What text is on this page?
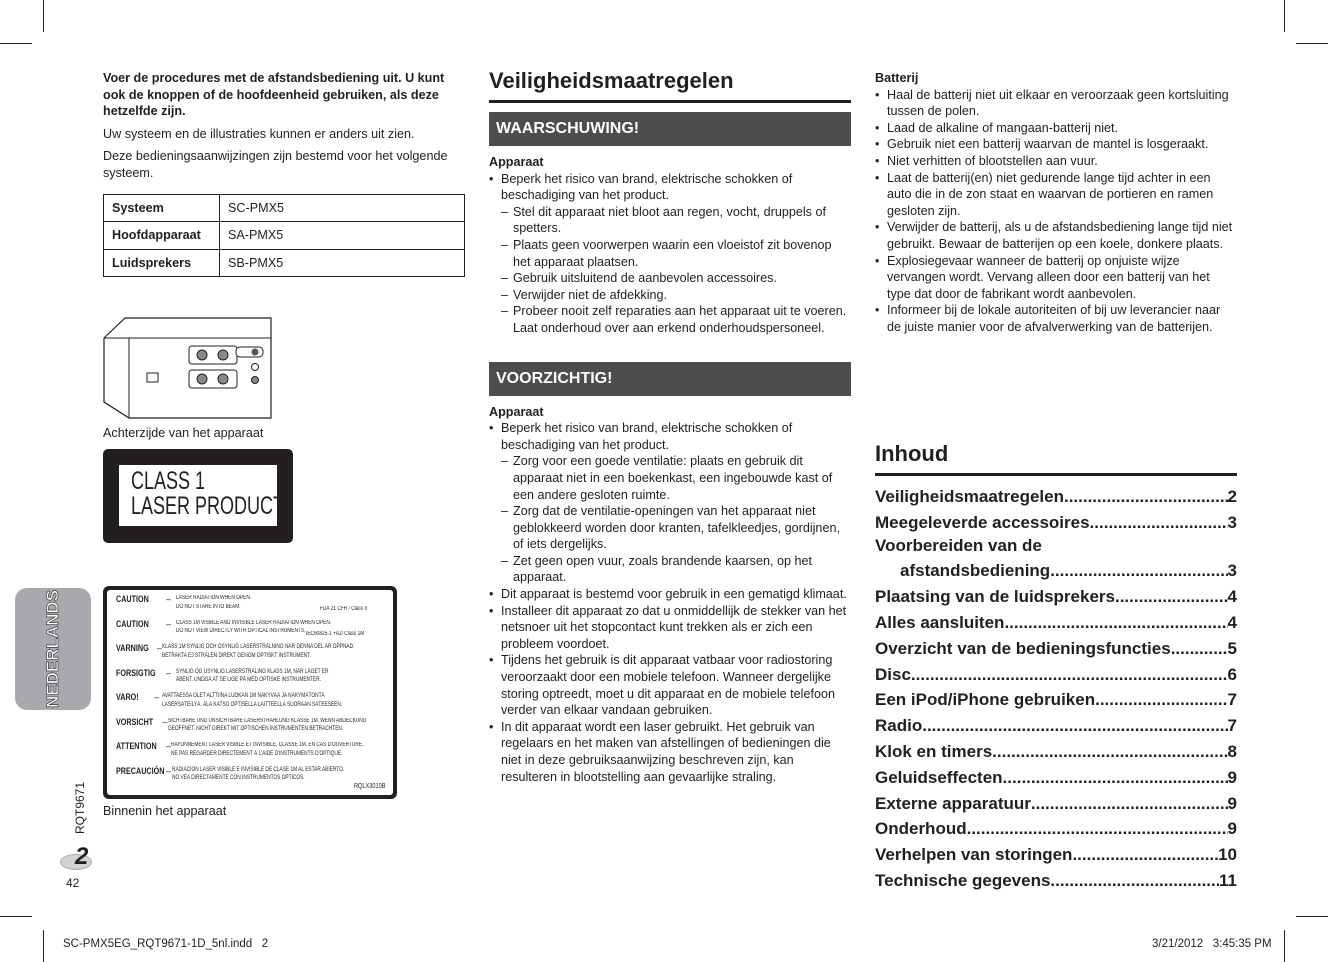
Voer de procedures met de afstandsbediening uit. U kunt ook de knoppen of de hoofdeenheid gebruiken, als deze hetzelfde zijn.

Uw systeem en de illustraties kunnen er anders uit zien.

Deze bedieningsaanwijzingen zijn bestemd voor het volgende systeem.

Systeem	SC-PMX5
Hoofdapparaat	SA-PMX5
Luidsprekers	SB-PMX5
Achterzijde van het apparaat
CLASS 1
LASER PRODUCT
CAUTION	– LASER RADIATION WHEN OPEN.
DO NOT STARE INTO BEAM.	FDA 21 CFR / Class II
CAUTION	– CLASS 1M VISIBLE AND INVISIBLE LASER RADIATION WHEN OPEN.
DO NOT VIEW DIRECTLY WITH OPTICAL INSTRUMENTS. IEC60825-1 +A2/ Class 1M
VARNING – KLASS 1M SYNLIG OCH OSYNLIG LASERSTRÅLNING NÄR DENNA DEL ÄR ÖPPNAD.
BETRAKTA EJ STRÅLEN DIREKT GENOM OPTISKT INSTRUMENT.
FORSIGTIG – SYNLIG OG USYNLIG LASERSTRÅLING KLASS 1M, NÅR LÅGET ER
ÅBENT. UNDGÅ AT SE LIGE PÅ MED OPTISKE INSTRUMENTER.
VARO!	– AVATTAESSA OLET ALTTIINA LUOKAN 1M NÄKYVÄÄ JA NÄKYMÄTÖNTÄ
LASERSÄTEILYÄ. ÄLÄ KATSO OPTISELLA LAITTEELLA SUORAAN SÄTEESEEN.
VORSICHT – SICHTBARE UND UNSICHTBARE LASERSTRAHLUNG KLASSE 1M, WENN ABDECKUNG
GEÖFFNET. NICHT DIREKT MIT OPTISCHEN INSTRUMENTEN BETRACHTEN.
ATTENTION – RAYONNEMENT LASER VISIBLE ET INVISIBLE, CLASSE 1M, EN CAS D'OUVERTURE.
NE PAS REGARDER DIRECTEMENT À L'AIDE D'INSTRUMENTS D'OPTIQUE.
PRECAUCIÓN – RADIACIÓN LASER VISIBLE E INVISIBLE DE CLASE 1M AL ESTAR ABIERTO.
NO VEA DIRECTAMENTE CON INSTRUMENTOS ÓPTICOS.
RQLX3010B
Binnenin het apparaat
NEDERLANDS
RQT9671
2
42
Veiligheidsmaatregelen
WAARSCHUWING!
Apparaat
• Beperk het risico van brand, elektrische schokken of beschadiging van het product.
– Stel dit apparaat niet bloot aan regen, vocht, druppels of spetters.
– Plaats geen voorwerpen waarin een vloeistof zit bovenop het apparaat plaatsen.
– Gebruik uitsluitend de aanbevolen accessoires.
– Verwijder niet de afdekking.
– Probeer nooit zelf reparaties aan het apparaat uit te voeren. Laat onderhoud over aan erkend onderhoudspersoneel.
VOORZICHTIG!
Apparaat
• Beperk het risico van brand, elektrische schokken of beschadiging van het product.
– Zorg voor een goede ventilatie: plaats en gebruik dit apparaat niet in een boekenkast, een ingebouwde kast of een andere gesloten ruimte.
– Zorg dat de ventilatie-openingen van het apparaat niet geblokkeerd worden door kranten, tafelkleedjes, gordijnen, of iets dergelijks.
– Zet geen open vuur, zoals brandende kaarsen, op het apparaat.
• Dit apparaat is bestemd voor gebruik in een gematigd klimaat.
• Installeer dit apparaat zo dat u onmiddellijk de stekker van het netsnoer uit het stopcontact kunt trekken als er zich een probleem voordoet.
• Tijdens het gebruik is dit apparaat vatbaar voor radiostoring veroorzaakt door een mobiele telefoon. Wanneer dergelijke storing optreedt, moet u dit apparaat en de mobiele telefoon verder van elkaar vandaan gebruiken.
• In dit apparaat wordt een laser gebruikt. Het gebruik van regelaars en het maken van afstellingen of bedieningen die niet in deze gebruiksaanwijzing beschreven zijn, kan resulteren in blootstelling aan gevaarlijke straling.
Batterij
• Haal de batterij niet uit elkaar en veroorzaak geen kortsluiting tussen de polen.
• Laad de alkaline of mangaan-batterij niet.
• Gebruik niet een batterij waarvan de mantel is losgeraakt.
• Niet verhitten of blootstellen aan vuur.
• Laat de batterij(en) niet gedurende lange tijd achter in een auto die in de zon staat en waarvan de portieren en ramen gesloten zijn.
• Verwijder de batterij, als u de afstandsbediening lange tijd niet gebruikt. Bewaar de batterijen op een koele, donkere plaats.
• Explosiegevaar wanneer de batterij op onjuiste wijze vervangen wordt. Vervang alleen door een batterij van het type dat door de fabrikant wordt aanbevolen.
• Informeer bij de lokale autoriteiten of bij uw leverancier naar de juiste manier voor de afvalverwerking van de batterijen.
Inhoud
Veiligheidsmaatregelen .....	2
Meegeleverde accessoires .....	3
Voorbereiden van de
afstandsbediening .....	3
Plaatsing van de luidsprekers .....	4
Alles aansluiten .....	4
Overzicht van de bedieningsfuncties .....	5
Disc .....	6
Een iPod/iPhone gebruiken .....	7
Radio .....	7
Klok en timers .....	8
Geluidseffecten .....	9
Externe apparatuur .....	9
Onderhoud .....	9
Verhelpen van storingen .....	10
Technische gegevens .....	11
SC-PMX5EG_RQT9671-1D_5nl.indd   2	3/21/2012   3:45:35 PM
